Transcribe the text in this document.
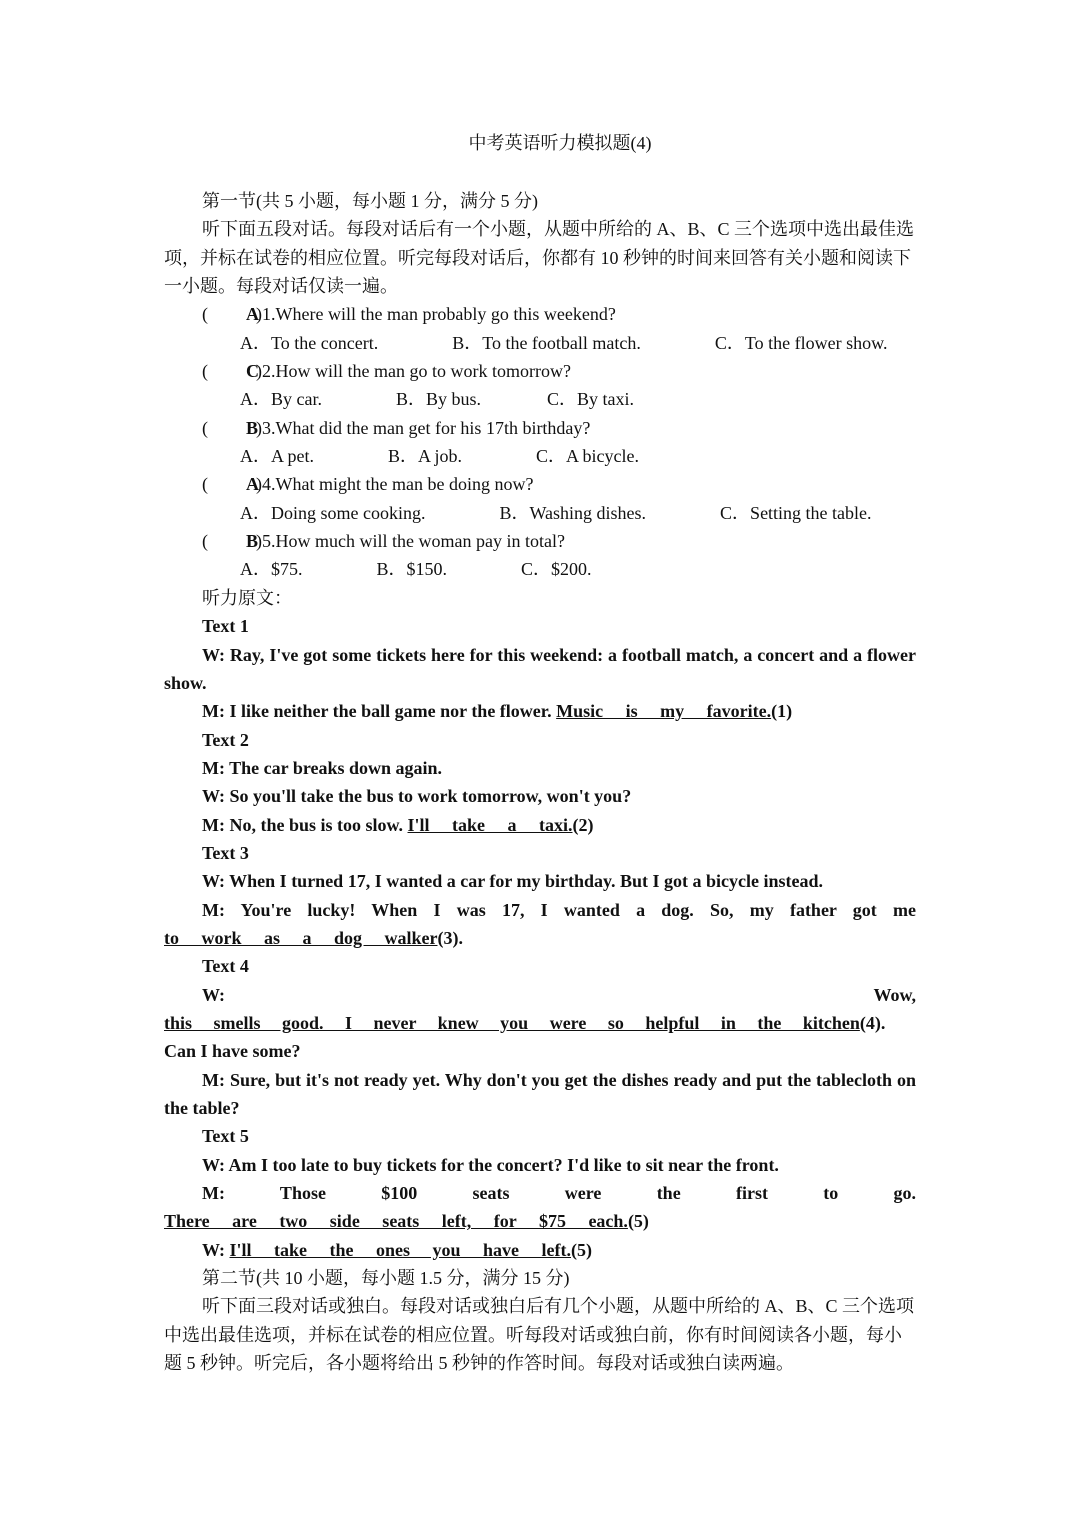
中考英语听力模拟题(4)

第一节(共 5 小题，每小题 1 分，满分 5 分)

听下面五段对话。每段对话后有一个小题，从题中所给的 A、B、C 三个选项中选出最佳选项，并标在试卷的相应位置。听完每段对话后，你都有 10 秒钟的时间来回答有关小题和阅读下一小题。每段对话仅读一遍。

( A)1.Where will the man probably go this weekend?

A．To the concert.	B．To the football match.	C．To the flower show.

( C)2.How will the man go to work tomorrow?

A．By car.	B．By bus.	C．By taxi.

( B)3.What did the man get for his 17th birthday?

A．A pet.	B．A job.	C．A bicycle.

( A)4.What might the man be doing now?

A．Doing some cooking.	B．Washing dishes.	C．Setting the table.

( B)5.How much will the woman pay in total?

A．$75.	B．$150.	C．$200.

听力原文：

Text 1

W: Ray, I've got some tickets here for this weekend: a football match, a concert and a flower show.

M: I like neither the ball game nor the flower. Music is my favorite.(1)

Text 2

M: The car breaks down again.

W: So you'll take the bus to work tomorrow, won't you?

M: No, the bus is too slow. I'll take a taxi.(2)

Text 3

W: When I turned 17, I wanted a car for my birthday. But I got a bicycle instead.

M: You're lucky! When I was 17, I wanted a dog. So, my father got me

to work as a dog walker(3).

Text 4

W:	Wow,

this smells good. I never knew you were so helpful in the kitchen(4).

Can I have some?

M: Sure, but it's not ready yet. Why don't you get the dishes ready and put the tablecloth on the table?

Text 5

W: Am I too late to buy tickets for the concert? I'd like to sit near the front.

M: Those $100 seats were the first to go.

There are two side seats left, for $75 each.(5)

W: I'll take the ones you have left.(5)

第二节(共 10 小题，每小题 1.5 分，满分 15 分)

听下面三段对话或独白。每段对话或独白后有几个小题，从题中所给的 A、B、C 三个选项中选出最佳选项，并标在试卷的相应位置。听每段对话或独白前，你有时间阅读各小题，每小题 5 秒钟。听完后，各小题将给出 5 秒钟的作答时间。每段对话或独白读两遍。
